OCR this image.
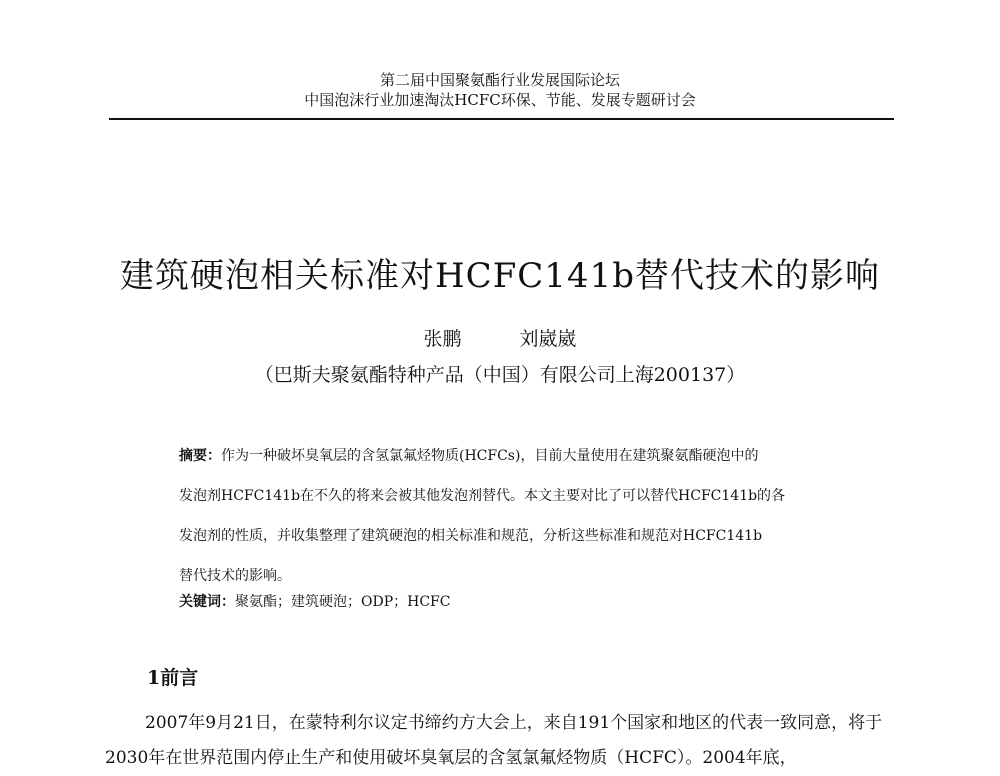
第二届中国聚氨酯行业发展国际论坛
中国泡沫行业加速淘汰HCFC环保、节能、发展专题研讨会
建筑硬泡相关标准对HCFC141b替代技术的影响
张鹏	刘崴崴
（巴斯夫聚氨酯特种产品（中国）有限公司上海200137）
摘要：作为一种破坏臭氧层的含氢氯氟烃物质(HCFCs)，目前大量使用在建筑聚氨酯硬泡中的
发泡剂HCFC141b在不久的将来会被其他发泡剂替代。本文主要对比了可以替代HCFC141b的各
发泡剂的性质，并收集整理了建筑硬泡的相关标准和规范，分析这些标准和规范对HCFC141b
替代技术的影响。
关键词：聚氨酯；建筑硬泡；ODP；HCFC
1前言
2007年9月21日，在蒙特利尔议定书缔约方大会上，来自191个国家和地区的代表一致同意，将于2030年在世界范围内停止生产和使用破坏臭氧层的含氢氯氟烃物质（HCFC）。2004年底，
